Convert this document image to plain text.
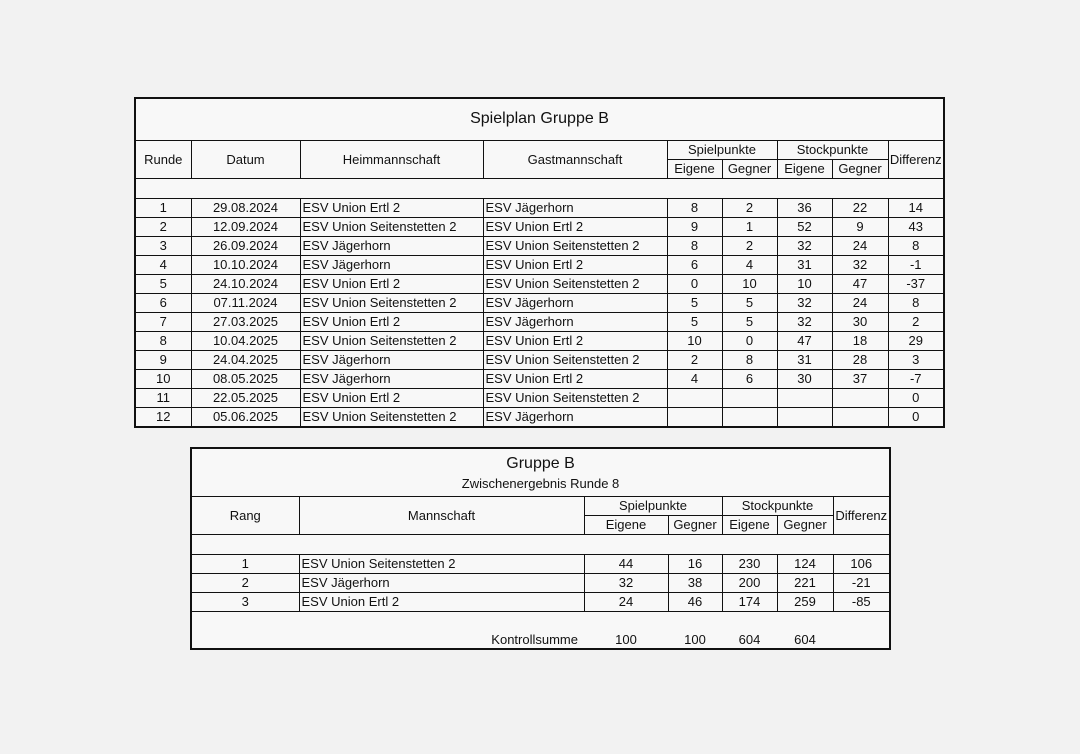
Spielplan Gruppe B								
Runde	Datum	Heimmannschaft	Gastmannschaft	Spielpunkte		Stockpunkte		Differenz
				Eigene	Gegner	Eigene	Gegner	

1	29.08.2024	ESV Union Ertl 2	ESV Jägerhorn	8	2	36	22	14
2	12.09.2024	ESV Union Seitenstetten 2	ESV Union Ertl 2	9	1	52	9	43
3	26.09.2024	ESV Jägerhorn	ESV Union Seitenstetten 2	8	2	32	24	8
4	10.10.2024	ESV Jägerhorn	ESV Union Ertl 2	6	4	31	32	-1
5	24.10.2024	ESV Union Ertl 2	ESV Union Seitenstetten 2	0	10	10	47	-37
6	07.11.2024	ESV Union Seitenstetten 2	ESV Jägerhorn	5	5	32	24	8
7	27.03.2025	ESV Union Ertl 2	ESV Jägerhorn	5	5	32	30	2
8	10.04.2025	ESV Union Seitenstetten 2	ESV Union Ertl 2	10	0	47	18	29
9	24.04.2025	ESV Jägerhorn	ESV Union Seitenstetten 2	2	8	31	28	3
10	08.05.2025	ESV Jägerhorn	ESV Union Ertl 2	4	6	30	37	-7
11	22.05.2025	ESV Union Ertl 2	ESV Union Seitenstetten 2					0
12	05.06.2025	ESV Union Seitenstetten 2	ESV Jägerhorn					0
Gruppe B						
Zwischenergebnis Runde 8						
Rang	Mannschaft	Spielpunkte		Stockpunkte		Differenz
		Eigene	Gegner	Eigene	Gegner	

1	ESV Union Seitenstetten 2	44	16	230	124	106
2	ESV Jägerhorn	32	38	200	221	-21
3	ESV Union Ertl 2	24	46	174	259	-85
	Kontrollsumme	100	100	604	604	
